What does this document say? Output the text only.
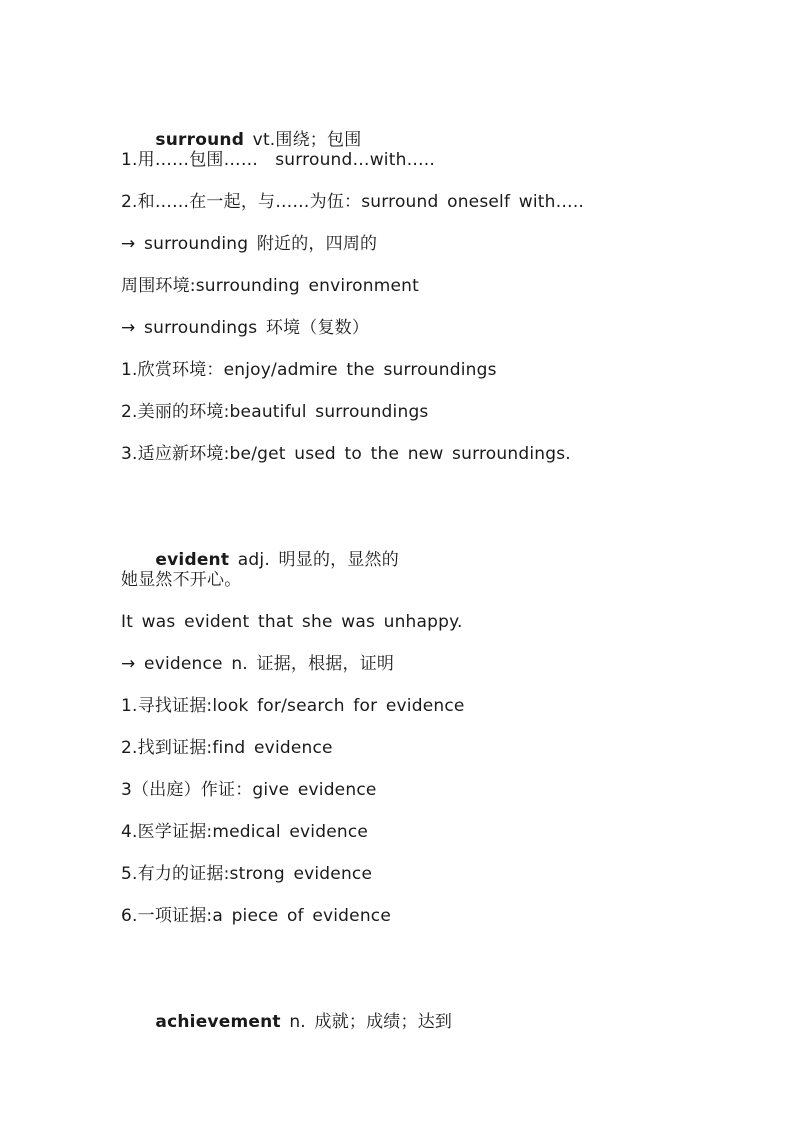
surround vt.围绕；包围

1.用……包围……  surround…with…..
2.和……在一起，与……为伍：surround oneself with…..
→ surrounding 附近的，四周的
周围环境:surrounding environment
→ surroundings 环境（复数）
1.欣赏环境：enjoy/admire the surroundings
2.美丽的环境:beautiful surroundings
3.适应新环境:be/get used to the new surroundings.

evident adj. 明显的，显然的

她显然不开心。
It was evident that she was unhappy.
→ evidence n. 证据，根据，证明
1.寻找证据:look for/search for evidence
2.找到证据:find evidence
3（出庭）作证：give evidence
4.医学证据:medical evidence
5.有力的证据:strong evidence
6.一项证据:a piece of evidence

achievement n. 成就；成绩；达到
